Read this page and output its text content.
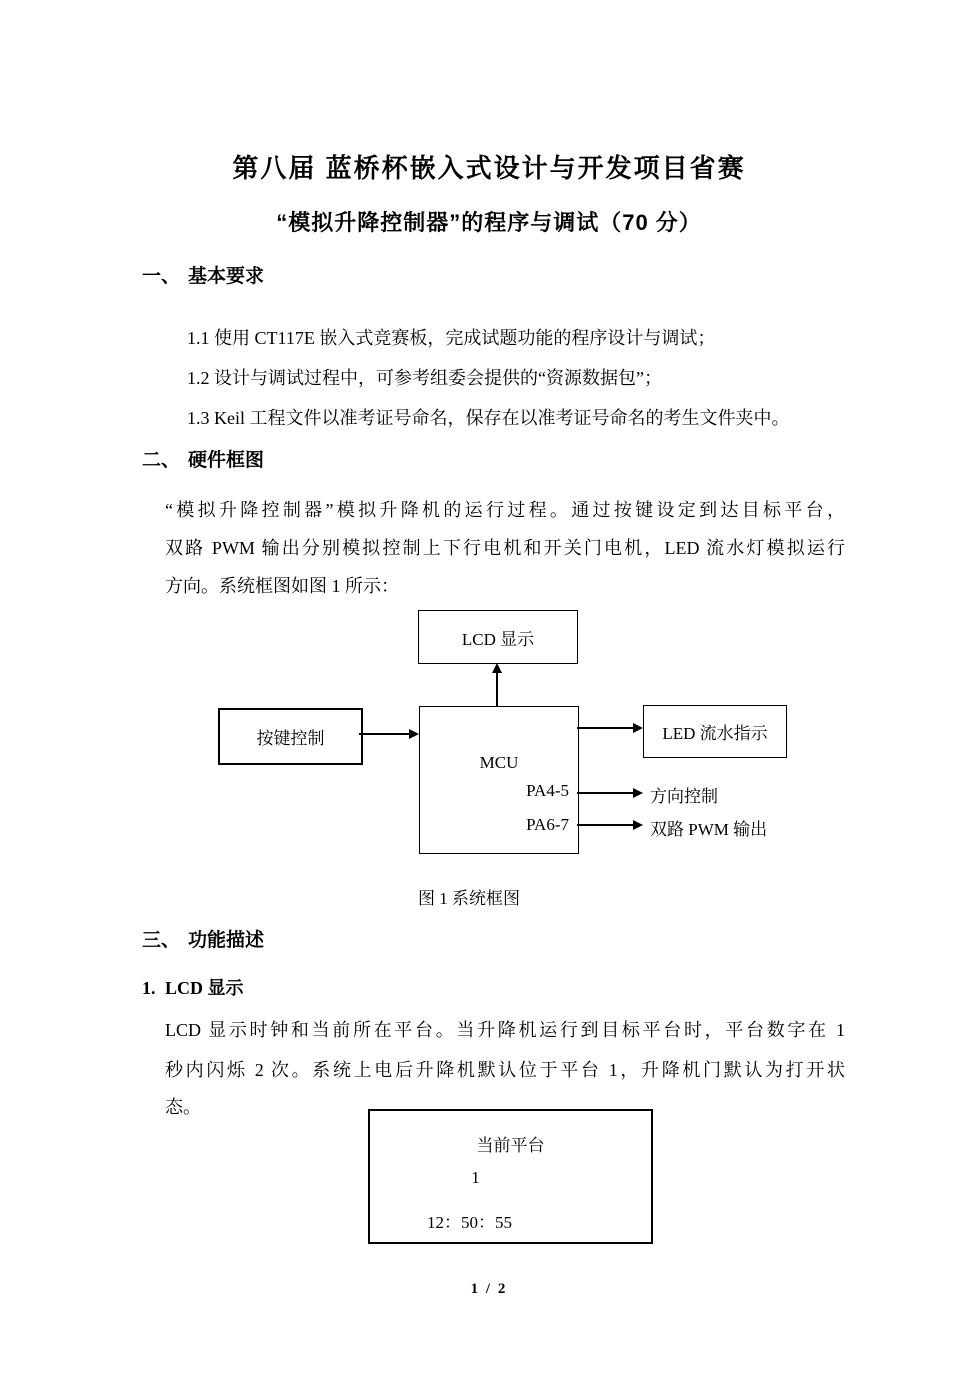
第八届 蓝桥杯嵌入式设计与开发项目省赛
“模拟升降控制器”的程序与调试（70 分）
一、 基本要求
1.1 使用 CT117E 嵌入式竞赛板，完成试题功能的程序设计与调试；
1.2 设计与调试过程中，可参考组委会提供的“资源数据包”；
1.3 Keil 工程文件以准考证号命名，保存在以准考证号命名的考生文件夹中。
二、 硬件框图
“模拟升降控制器”模拟升降机的运行过程。通过按键设定到达目标平台，
双路 PWM 输出分别模拟控制上下行电机和开关门电机，LED 流水灯模拟运行
方向。系统框图如图 1 所示：
LCD 显示
按键控制
MCU
PA4-5
PA6-7
LED 流水指示
方向控制
双路 PWM 输出
图 1 系统框图
三、 功能描述
1. LCD 显示
LCD 显示时钟和当前所在平台。当升降机运行到目标平台时，平台数字在 1
秒内闪烁 2 次。系统上电后升降机默认位于平台 1，升降机门默认为打开状
态。
当前平台
1
12：50：55
1 / 2
